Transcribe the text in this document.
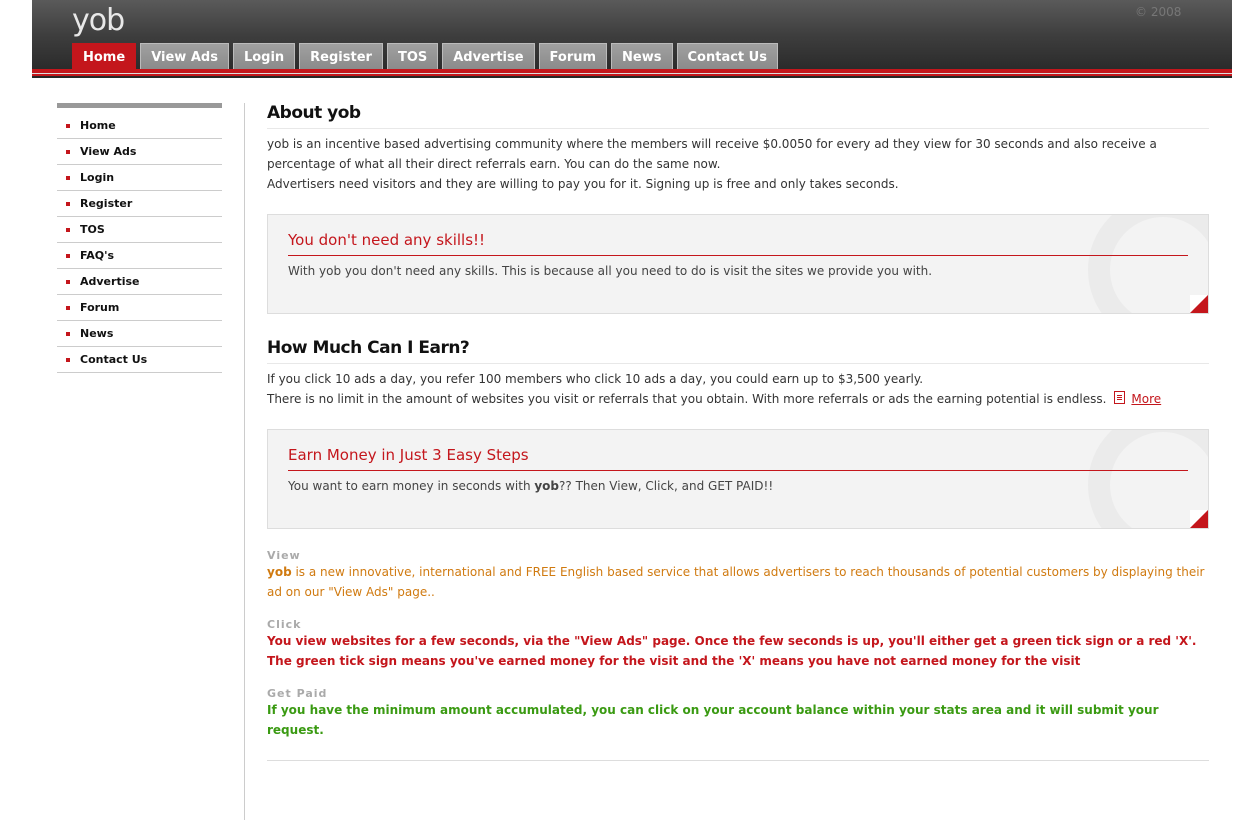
yob	© 2008
Home	View Ads	Login	Register	TOS	Advertise	Forum	News	Contact Us
Home
View Ads
Login
Register
TOS
FAQ's
Advertise
Forum
News
Contact Us
About yob

yob is an incentive based advertising community where the members will receive $0.0050 for every ad they view for 30 seconds and also receive a percentage of what all their direct referrals earn. You can do the same now.

Advertisers need visitors and they are willing to pay you for it. Signing up is free and only takes seconds.

You don't need any skills!!

With yob you don't need any skills. This is because all you need to do is visit the sites we provide you with.

How Much Can I Earn?

If you click 10 ads a day, you refer 100 members who click 10 ads a day, you could earn up to $3,500 yearly.

There is no limit in the amount of websites you visit or referrals that you obtain. With more referrals or ads the earning potential is endless. More

Earn Money in Just 3 Easy Steps

You want to earn money in seconds with yob?? Then View, Click, and GET PAID!!

View

yob is a new innovative, international and FREE English based service that allows advertisers to reach thousands of potential customers by displaying their ad on our "View Ads" page..

Click

You view websites for a few seconds, via the "View Ads" page. Once the few seconds is up, you'll either get a green tick sign or a red 'X'. The green tick sign means you've earned money for the visit and the 'X' means you have not earned money for the visit

Get Paid

If you have the minimum amount accumulated, you can click on your account balance within your stats area and it will submit your request.
